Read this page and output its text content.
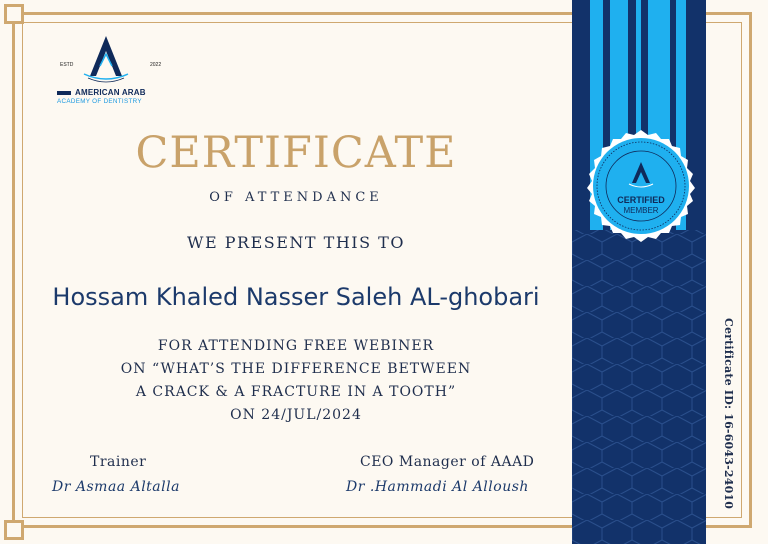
CERTIFIED
MEMBER
ESTD	2022
AMERICAN ARAB
ACADEMY OF DENTISTRY
CERTIFICATE
OF ATTENDANCE
WE PRESENT THIS TO
Hossam Khaled Nasser Saleh AL-ghobari
FOR ATTENDING FREE WEBINER
ON “WHAT’S THE DIFFERENCE BETWEEN
A CRACK & A FRACTURE IN A TOOTH”
ON 24/JUL/2024
Trainer
Dr Asmaa Altalla
CEO Manager of AAAD
Dr .Hammadi Al Alloush	Certificate ID: 16-6043-24010
